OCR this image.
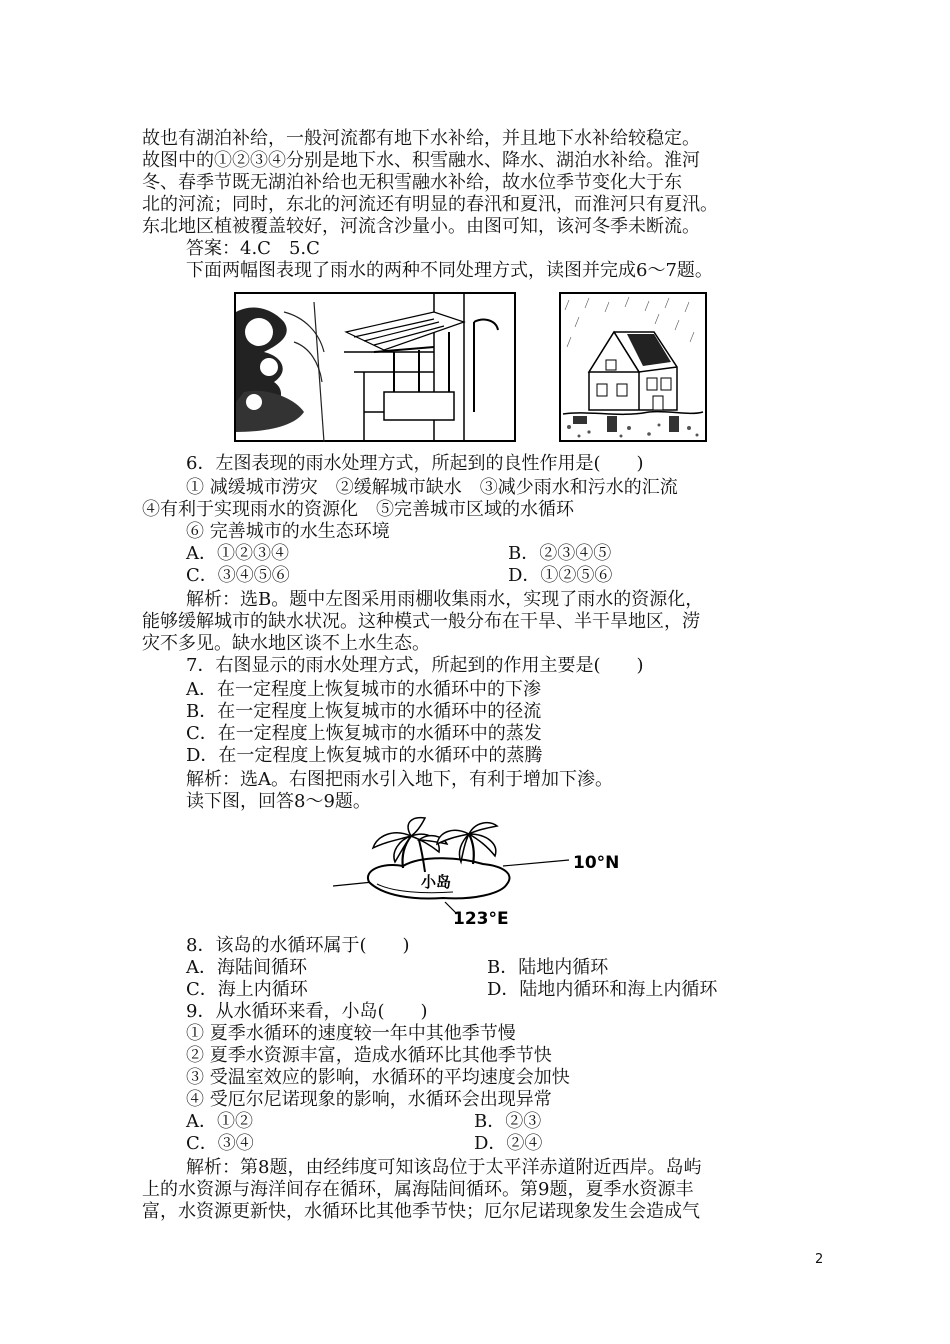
故也有湖泊补给，一般河流都有地下水补给，并且地下水补给较稳定。
故图中的①②③④分别是地下水、积雪融水、降水、湖泊水补给。淮河
冬、春季节既无湖泊补给也无积雪融水补给，故水位季节变化大于东
北的河流；同时，东北的河流还有明显的春汛和夏汛，而淮河只有夏汛。
东北地区植被覆盖较好，河流含沙量小。由图可知，该河冬季未断流。
答案：4.C　5.C
下面两幅图表现了雨水的两种不同处理方式，读图并完成6～7题。
6．左图表现的雨水处理方式，所起到的良性作用是(　　)
① 减缓城市涝灾　②缓解城市缺水　③减少雨水和污水的汇流
④有利于实现雨水的资源化　⑤完善城市区域的水循环
⑥ 完善城市的水生态环境
A．①②③④	B．②③④⑤
C．③④⑤⑥	D．①②⑤⑥
解析：选B。题中左图采用雨棚收集雨水，实现了雨水的资源化，
能够缓解城市的缺水状况。这种模式一般分布在干旱、半干旱地区，涝
灾不多见。缺水地区谈不上水生态。
7．右图显示的雨水处理方式，所起到的作用主要是(　　)
A．在一定程度上恢复城市的水循环中的下渗
B．在一定程度上恢复城市的水循环中的径流
C．在一定程度上恢复城市的水循环中的蒸发
D．在一定程度上恢复城市的水循环中的蒸腾
解析：选A。右图把雨水引入地下，有利于增加下渗。
读下图，回答8～9题。
小岛
10°N
123°E
8．该岛的水循环属于(　　)
A．海陆间循环	B．陆地内循环
C．海上内循环	D．陆地内循环和海上内循环
9．从水循环来看，小岛(　　)
① 夏季水循环的速度较一年中其他季节慢
② 夏季水资源丰富，造成水循环比其他季节快
③ 受温室效应的影响，水循环的平均速度会加快
④ 受厄尔尼诺现象的影响，水循环会出现异常
A．①②	B．②③
C．③④	D．②④
解析：第8题，由经纬度可知该岛位于太平洋赤道附近西岸。岛屿
上的水资源与海洋间存在循环，属海陆间循环。第9题，夏季水资源丰
富，水资源更新快，水循环比其他季节快；厄尔尼诺现象发生会造成气
2
